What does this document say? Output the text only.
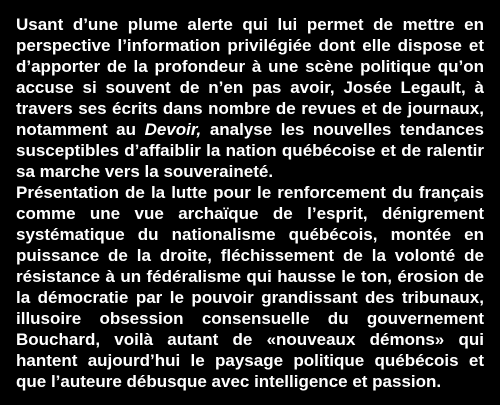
Usant d’une plume alerte qui lui permet de mettre en
perspective l’information privilégiée dont elle dispose et
d’apporter de la profondeur à une scène politique qu’on
accuse si souvent de n’en pas avoir, Josée Legault, à
travers ses écrits dans nombre de revues et de journaux,
notamment au Devoir, analyse les nouvelles tendances
susceptibles d’affaiblir la nation québécoise et de ralentir
sa marche vers la souveraineté.
Présentation de la lutte pour le renforcement du français
comme une vue archaïque de l’esprit, dénigrement
systématique du nationalisme québécois, montée en
puissance de la droite, fléchissement de la volonté de
résistance à un fédéralisme qui hausse le ton, érosion de
la démocratie par le pouvoir grandissant des tribunaux,
illusoire obsession consensuelle du gouvernement
Bouchard, voilà autant de «nouveaux démons» qui
hantent aujourd’hui le paysage politique québécois et
que l’auteure débusque avec intelligence et passion.
